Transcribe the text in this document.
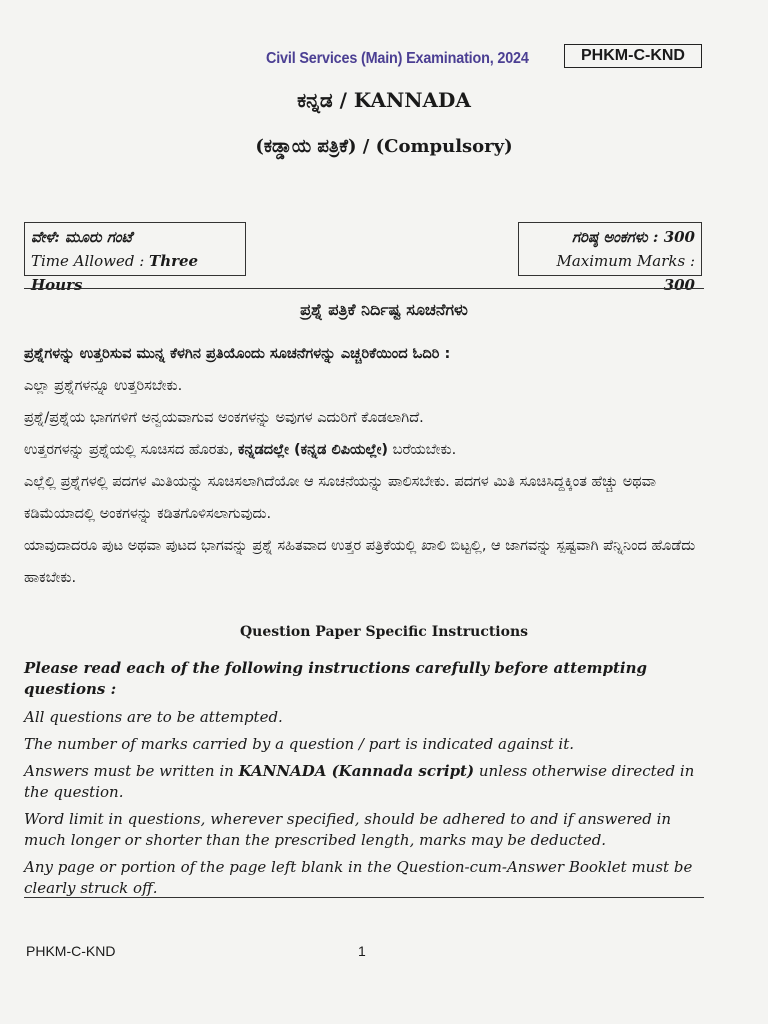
Civil Services (Main) Examination, 2024	PHKM-C-KND
ಕನ್ನಡ / KANNADA
(ಕಡ್ಡಾಯ ಪತ್ರಿಕೆ) / (Compulsory)
ವೇಳೆ: ಮೂರು ಗಂಟೆ
Time Allowed : Three Hours
ಗರಿಷ್ಠ ಅಂಕಗಳು : 300
Maximum Marks : 300
ಪ್ರಶ್ನೆ ಪತ್ರಿಕೆ ನಿರ್ದಿಷ್ಟ ಸೂಚನೆಗಳು

ಪ್ರಶ್ನೆಗಳನ್ನು ಉತ್ತರಿಸುವ ಮುನ್ನ ಕೆಳಗಿನ ಪ್ರತಿಯೊಂದು ಸೂಚನೆಗಳನ್ನು ಎಚ್ಚರಿಕೆಯಿಂದ ಓದಿರಿ :

ಎಲ್ಲಾ ಪ್ರಶ್ನೆಗಳನ್ನೂ ಉತ್ತರಿಸಬೇಕು.

ಪ್ರಶ್ನೆ/ಪ್ರಶ್ನೆಯ ಭಾಗಗಳಿಗೆ ಅನ್ವಯವಾಗುವ ಅಂಕಗಳನ್ನು ಅವುಗಳ ಎದುರಿಗೆ ಕೊಡಲಾಗಿದೆ.

ಉತ್ತರಗಳನ್ನು ಪ್ರಶ್ನೆಯಲ್ಲಿ ಸೂಚಿಸದ ಹೊರತು, ಕನ್ನಡದಲ್ಲೇ (ಕನ್ನಡ ಲಿಪಿಯಲ್ಲೇ) ಬರೆಯಬೇಕು.

ಎಲ್ಲೆಲ್ಲಿ ಪ್ರಶ್ನೆಗಳಲ್ಲಿ ಪದಗಳ ಮಿತಿಯನ್ನು ಸೂಚಿಸಲಾಗಿದೆಯೋ ಆ ಸೂಚನೆಯನ್ನು ಪಾಲಿಸಬೇಕು. ಪದಗಳ ಮಿತಿ ಸೂಚಿಸಿದ್ದಕ್ಕಿಂತ ಹೆಚ್ಚು ಅಥವಾ ಕಡಿಮೆಯಾದಲ್ಲಿ ಅಂಕಗಳನ್ನು ಕಡಿತಗೊಳಿಸಲಾಗುವುದು.

ಯಾವುದಾದರೂ ಪುಟ ಅಥವಾ ಪುಟದ ಭಾಗವನ್ನು ಪ್ರಶ್ನೆ ಸಹಿತವಾದ ಉತ್ತರ ಪತ್ರಿಕೆಯಲ್ಲಿ ಖಾಲಿ ಬಿಟ್ಟಲ್ಲಿ, ಆ ಜಾಗವನ್ನು ಸ್ಪಷ್ಟವಾಗಿ ಪೆನ್ನಿನಿಂದ ಹೊಡೆದು ಹಾಕಬೇಕು.

Question Paper Specific Instructions

Please read each of the following instructions carefully before attempting questions :

All questions are to be attempted.

The number of marks carried by a question / part is indicated against it.

Answers must be written in KANNADA (Kannada script) unless otherwise directed in the question.

Word limit in questions, wherever specified, should be adhered to and if answered in much longer or shorter than the prescribed length, marks may be deducted.

Any page or portion of the page left blank in the Question-cum-Answer Booklet must be clearly struck off.

PHKM-C-KND	1
